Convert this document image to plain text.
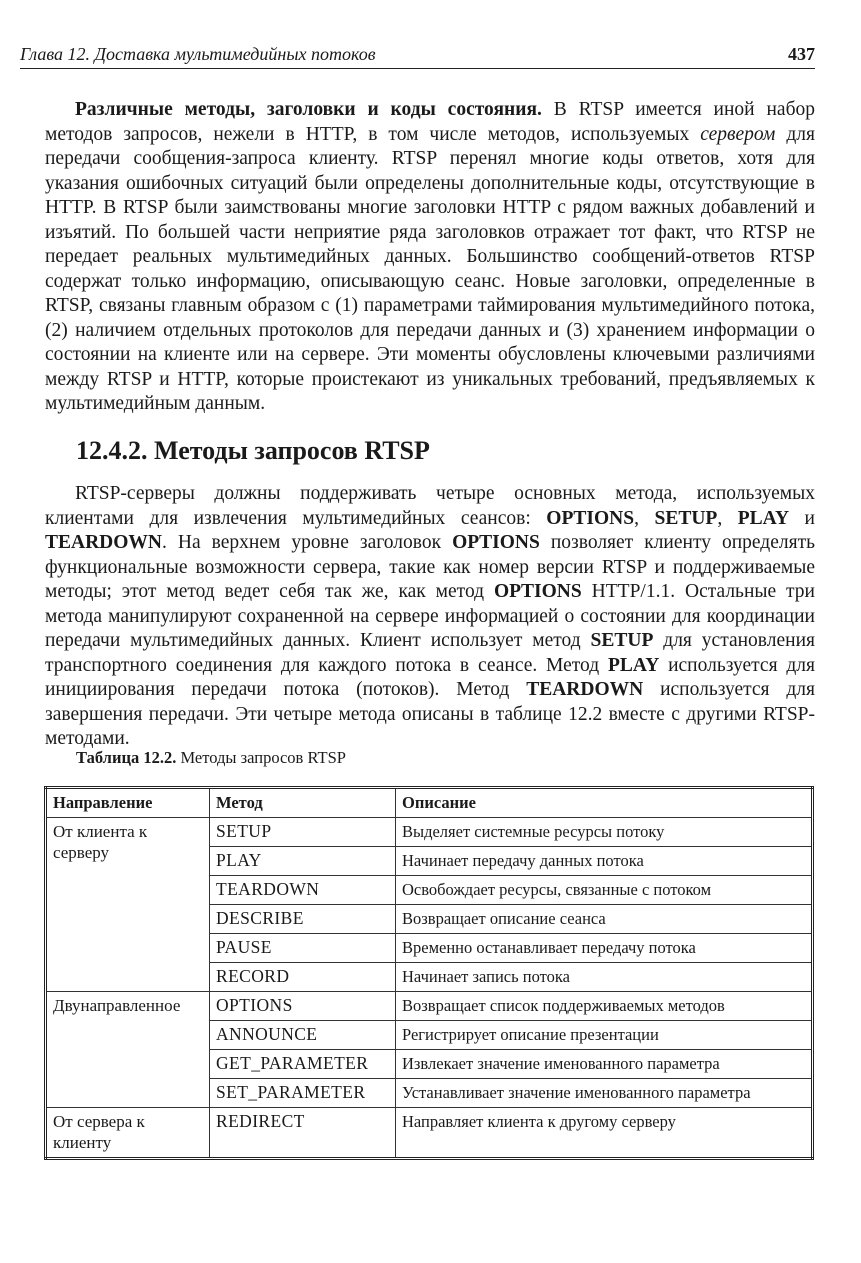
Глава 12. Доставка мультимедийных потоков	437

Различные методы, заголовки и коды состояния. В RTSP имеется иной набор методов запросов, нежели в HTTP, в том числе методов, используемых сервером для передачи сообщения-запроса клиенту. RTSP перенял многие коды ответов, хотя для указания ошибочных ситуаций были определены дополнительные коды, отсутствующие в HTTP. В RTSP были заимствованы многие заголовки HTTP с рядом важных добавлений и изъятий. По большей части неприятие ряда заголовков отражает тот факт, что RTSP не передает реальных мультимедийных данных. Большинство сообщений-ответов RTSP содержат только информацию, описывающую сеанс. Новые заголовки, определенные в RTSP, связаны главным образом с (1) параметрами таймирования мультимедийного потока, (2) наличием отдельных протоколов для передачи данных и (3) хранением информации о состоянии на клиенте или на сервере. Эти моменты обусловлены ключевыми различиями между RTSP и HTTP, которые проистекают из уникальных требований, предъявляемых к мультимедийным данным.

12.4.2. Методы запросов RTSP

RTSP-серверы должны поддерживать четыре основных метода, используемых клиентами для извлечения мультимедийных сеансов: OPTIONS, SETUP, PLAY и TEARDOWN. На верхнем уровне заголовок OPTIONS позволяет клиенту определять функциональные возможности сервера, такие как номер версии RTSP и поддерживаемые методы; этот метод ведет себя так же, как метод OPTIONS HTTP/1.1. Остальные три метода манипулируют сохраненной на сервере информацией о состоянии для координации передачи мультимедийных данных. Клиент использует метод SETUP для установления транспортного соединения для каждого потока в сеансе. Метод PLAY используется для инициирования передачи потока (потоков). Метод TEARDOWN используется для завершения передачи. Эти четыре метода описаны в таблице 12.2 вместе с другими RTSP-методами.

Таблица 12.2. Методы запросов RTSP
Направление	Метод	Описание
От клиента к серверу	SETUP	Выделяет системные ресурсы потоку
	PLAY	Начинает передачу данных потока
	TEARDOWN	Освобождает ресурсы, связанные с потоком
	DESCRIBE	Возвращает описание сеанса
	PAUSE	Временно останавливает передачу потока
	RECORD	Начинает запись потока
Двунаправленное	OPTIONS	Возвращает список поддерживаемых методов
	ANNOUNCE	Регистрирует описание презентации
	GET_PARAMETER	Извлекает значение именованного параметра
	SET_PARAMETER	Устанавливает значение именованного параметра
От сервера к клиенту	REDIRECT	Направляет клиента к другому серверу
